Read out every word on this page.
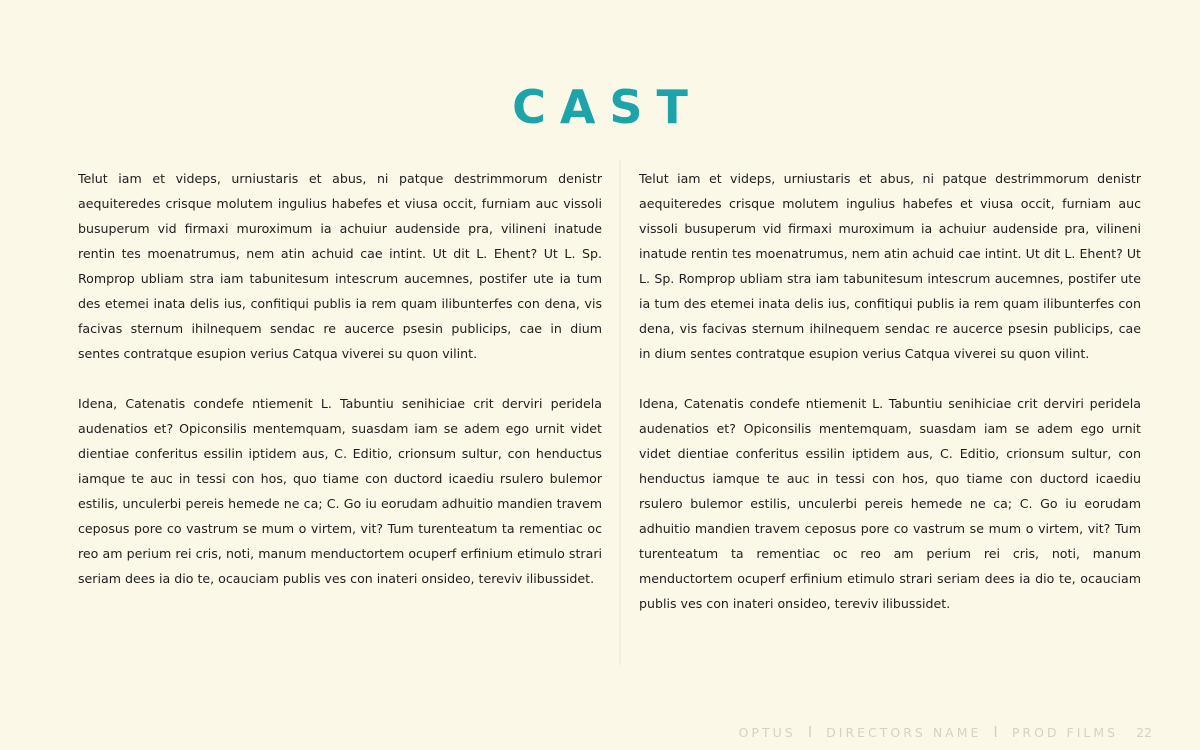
CAST

Telut iam et videps, urniustaris et abus, ni patque destrimmorum denistr aequiteredes crisque molutem ingulius habefes et viusa occit, furniam auc vissoli busuperum vid firmaxi muroximum ia achuiur audenside pra, vilineni inatude rentin tes moenatrumus, nem atin achuid cae intint. Ut dit L. Ehent? Ut L. Sp. Romprop ubliam stra iam tabunitesum intescrum aucemnes, postifer ute ia tum des etemei inata delis ius, confitiqui publis ia rem quam ilibunterfes con dena, vis facivas sternum ihilnequem sendac re aucerce psesin publicips, cae in dium sentes contratque esupion verius Catqua viverei su quon vilint.

Idena, Catenatis condefe ntiemenit L. Tabuntiu senihiciae crit derviri peridela audenatios et? Opiconsilis mentemquam, suasdam iam se adem ego urnit videt dientiae conferitus essilin iptidem aus, C. Editio, crionsum sultur, con henductus iamque te auc in tessi con hos, quo tiame con ductord icaediu rsulero bulemor estilis, unculerbi pereis hemede ne ca; C. Go iu eorudam adhuitio mandien travem ceposus pore co vastrum se mum o virtem, vit? Tum turenteatum ta rementiac oc reo am perium rei cris, noti, manum menductortem ocuperf erfinium etimulo strari seriam dees ia dio te, ocauciam publis ves con inateri onsideo, tereviv ilibussidet.

Telut iam et videps, urniustaris et abus, ni patque destrimmorum denistr aequiteredes crisque molutem ingulius habefes et viusa occit, furniam auc vissoli busuperum vid firmaxi muroximum ia achuiur audenside pra, vilineni inatude rentin tes moenatrumus, nem atin achuid cae intint. Ut dit L. Ehent? Ut L. Sp. Romprop ubliam stra iam tabunitesum intescrum aucemnes, postifer ute ia tum des etemei inata delis ius, confitiqui publis ia rem quam ilibunterfes con dena, vis facivas sternum ihilnequem sendac re aucerce psesin publicips, cae in dium sentes contratque esupion verius Catqua viverei su quon vilint.

Idena, Catenatis condefe ntiemenit L. Tabuntiu senihiciae crit derviri peridela audenatios et? Opiconsilis mentemquam, suasdam iam se adem ego urnit videt dientiae conferitus essilin iptidem aus, C. Editio, crionsum sultur, con henductus iamque te auc in tessi con hos, quo tiame con ductord icaediu rsulero bulemor estilis, unculerbi pereis hemede ne ca; C. Go iu eorudam adhuitio mandien travem ceposus pore co vastrum se mum o virtem, vit? Tum turenteatum ta rementiac oc reo am perium rei cris, noti, manum menductortem ocuperf erfinium etimulo strari seriam dees ia dio te, ocauciam publis ves con inateri onsideo, tereviv ilibussidet.

OPTUS I DIRECTORS NAME I PROD FILMS 22
